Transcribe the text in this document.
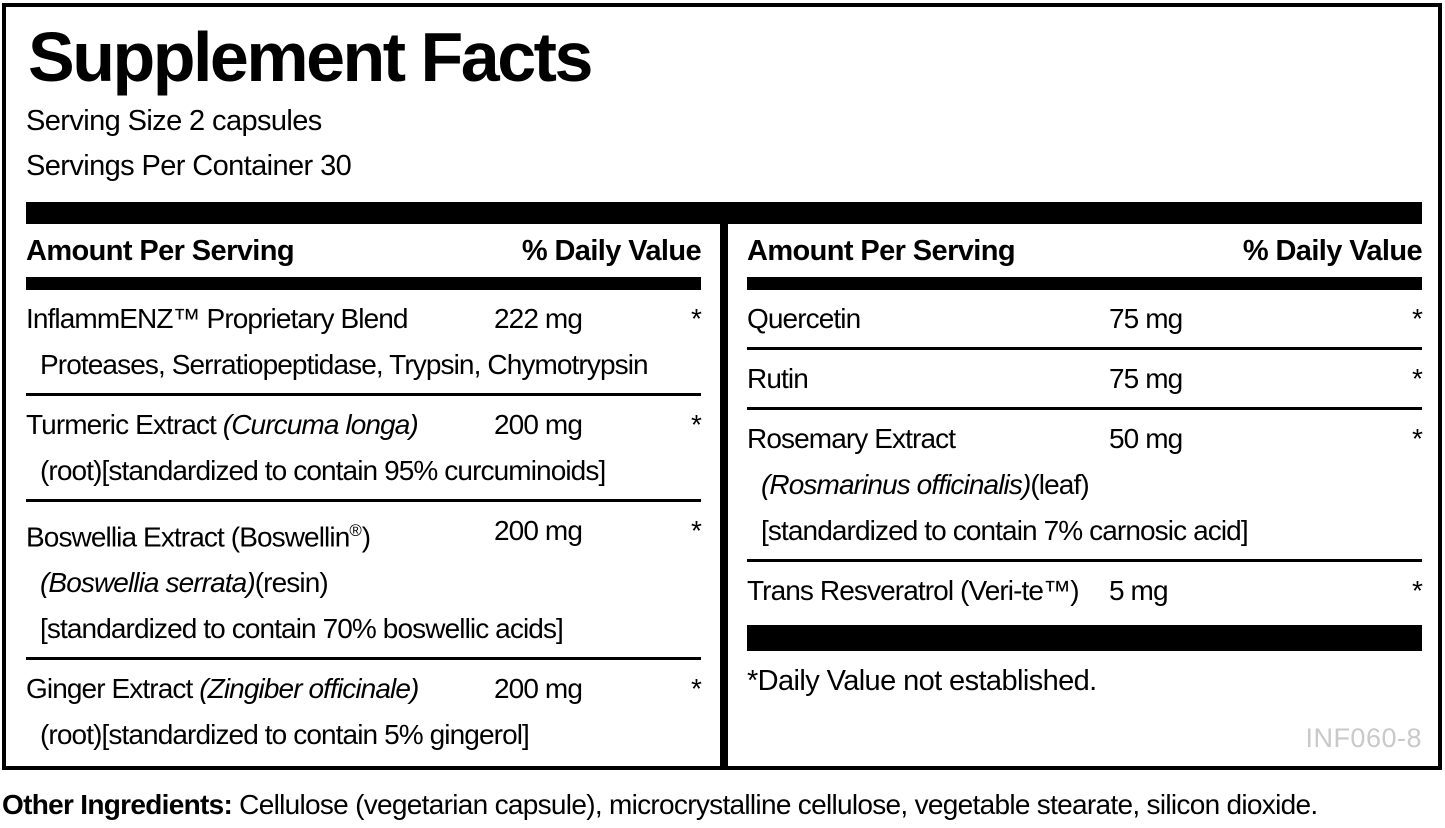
Supplement Facts
Serving Size 2 capsules
Servings Per Container 30
Amount Per Serving	% Daily Value
InflammENZ™ Proprietary Blend	222 mg	*
Proteases, Serratiopeptidase, Trypsin, Chymotrypsin
Turmeric Extract (Curcuma longa)	200 mg	*
(root)[standardized to contain 95% curcuminoids]
Boswellia Extract (Boswellin®)	200 mg	*
(Boswellia serrata)(resin)
[standardized to contain 70% boswellic acids]
Ginger Extract (Zingiber officinale)	200 mg	*
(root)[standardized to contain 5% gingerol]
Amount Per Serving	% Daily Value
Quercetin	75 mg	*
Rutin	75 mg	*
Rosemary Extract	50 mg	*
(Rosmarinus officinalis)(leaf)
[standardized to contain 7% carnosic acid]
Trans Resveratrol (Veri-te™)	5 mg	*
*Daily Value not established.
INF060-8
Other Ingredients: Cellulose (vegetarian capsule), microcrystalline cellulose, vegetable stearate, silicon dioxide.
